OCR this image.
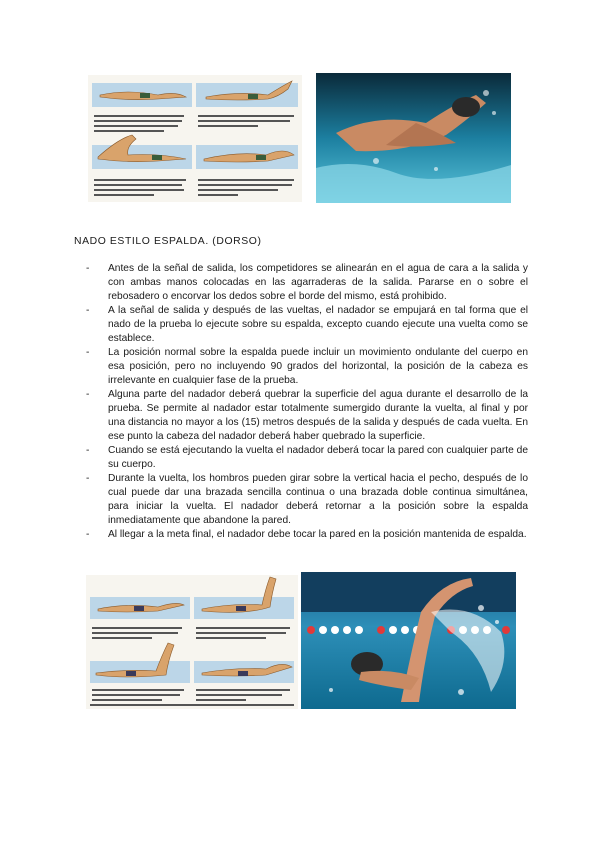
NADO ESTILO ESPALDA. (DORSO)
- Antes de la señal de salida, los competidores se alinearán en el agua de cara a la salida y con ambas manos colocadas en las agarraderas de la salida. Pararse en o sobre el rebosadero o encorvar los dedos sobre el borde del mismo, está prohibido.
- A la señal de salida y después de las vueltas, el nadador se empujará en tal forma que el nado de la prueba lo ejecute sobre su espalda, excepto cuando ejecute una vuelta como se establece.
- La posición normal sobre la espalda puede incluir un movimiento ondulante del cuerpo en esa posición, pero no incluyendo 90 grados del horizontal, la posición de la cabeza es irrelevante en cualquier fase de la prueba.
- Alguna parte del nadador deberá quebrar la superficie del agua durante el desarrollo de la prueba. Se permite al nadador estar totalmente sumergido durante la vuelta, al final y por una distancia no mayor a los (15) metros después de la salida y después de cada vuelta. En ese punto la cabeza del nadador deberá haber quebrado la superficie.
- Cuando se está ejecutando la vuelta el nadador deberá tocar la pared con cualquier parte de su cuerpo.
- Durante la vuelta, los hombros pueden girar sobre la vertical hacia el pecho, después de lo cual puede dar una brazada sencilla continua o una brazada doble continua simultánea, para iniciar la vuelta. El nadador deberá retornar a la posición sobre la espalda inmediatamente que abandone la pared.
- Al llegar a la meta final, el nadador debe tocar la pared en la posición mantenida de espalda.
